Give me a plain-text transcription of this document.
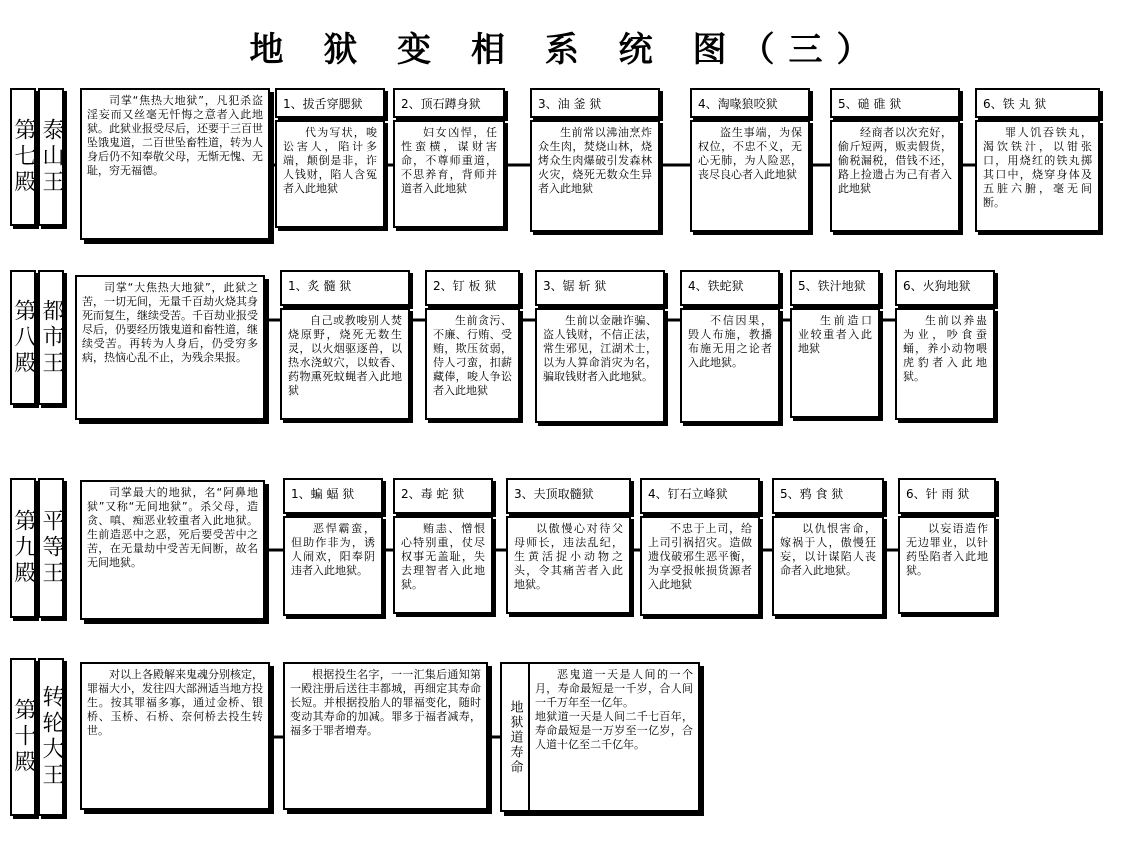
地 狱 变 相 系 统 图（三）
第七殿 泰山王
司掌“焦热大地狱”，凡犯杀盗淫妄而又丝毫无忏悔之意者入此地狱。此狱业报受尽后，还要于三百世坠饿鬼道，二百世坠畜牲道，转为人身后仍不知奉敬父母，无惭无愧、无耻，穷无福德。
1、拔舌穿腮狱
代为写状，唆讼害人，陷计多端，颠倒是非，诈人钱财，陷人含冤者入此地狱
2、顶石蹲身狱
妇女凶悍，任性蛮横，谋财害命，不尊师重道，不思养育，背师并道者入此地狱
3、油 釜 狱
生前常以沸油烹炸众生肉，焚烧山林，烧烤众生肉爆破引发森林火灾，烧死无数众生异者入此地狱
4、淘喙狼咬狱
盗生事端，为保权位，不忠不义，无心无肺，为人险恶，丧尽良心者入此地狱
5、磓 碓 狱
经商者以次充好，偷斤短两，贩卖假货，偷税漏税，借钱不还，路上捡遗占为己有者入此地狱
6、铁 丸 狱
罪人饥吞铁丸，渴饮铁汁，以钳张口，用烧红的铁丸掷其口中，烧穿身体及五脏六腑，毫无间断。
第八殿 都市王
司掌“大焦热大地狱”，此狱之苦，一切无间，无量千百劫火烧其身死而复生，继续受苦。千百劫业报受尽后，仍要经历饿鬼道和畜牲道，继续受苦。再转为人身后，仍受穷多病，热恼心乱不止，为残余果报。
1、炙 髓 狱
自己或教唆别人焚烧原野，烧死无数生灵，以火烟驱逐兽，以热水浇蚁穴，以蚊香、药物熏死蚊蝇者入此地狱
2、钉 板 狱
生前贪污、不廉、行贿、受贿，欺压贫弱，侍人刁蛮，扣薪藏俸，唆人争讼者入此地狱
3、锯 斩 狱
生前以金融诈骗、盗人钱财，不信正法，常生邪见，江湖术士，以为人算命消灾为名，骗取钱财者入此地狱。
4、铁蛇狱
不信因果，毁人布施，教播布施无用之论者入此地狱。
5、铁汁地狱
生前造口业较重者入此地狱
6、火狗地狱
生前以养蛊为业，吵食蚕蛹，养小动物喂虎豹者入此地狱。
第九殿 平等王
司掌最大的地狱，名“阿鼻地狱”又称“无间地狱”。杀父母，造贪、嗔、痴恶业较重者入此地狱。生前造恶中之恶，死后要受苦中之苦，在无量劫中受苦无间断，故名无间地狱。
1、蝙 蝠 狱
恶悍霸蛮，但助作非为，诱人闹欢，阳奉阴违者入此地狱。
2、毒 蛇 狱
贿恚、憎恨心特别重，仗尽权事无盖耻，失去理智者入此地狱。
3、夫顶取髓狱
以傲慢心对待父母师长，违法乱纪，生黄活捉小动物之头，令其痛苦者入此地狱。
4、钉石立峰狱
不忠于上司，给上司引祸招灾。造做遗伐破邪生恶平衡，为享受报帐损货源者入此地狱
5、鸦 食 狱
以仇恨害命，嫁祸于人，傲慢狂妄，以计谋陷人丧命者入此地狱。
6、针 雨 狱
以妄语造作无边罪业，以针药坠陷者入此地狱。
第十殿 转轮大王
对以上各殿解来鬼魂分别核定，罪福大小，发往四大部洲适当地方投生。按其罪福多寡，通过金桥、银桥、玉桥、石桥、奈何桥去投生转世。
根据投生名字，一一汇集后通知第一殿注册后送往丰都城，再细定其寿命长短。并根据投胎人的罪福变化，随时变动其寿命的加减。罪多于福者减寿，福多于罪者增寿。	地狱道寿命
恶鬼道一天是人间的一个月，寿命最短是一千岁，合人间一千万年至一亿年。
地狱道一天是人间二千七百年，寿命最短是一万岁至一亿岁，合人道十亿至二千亿年。
